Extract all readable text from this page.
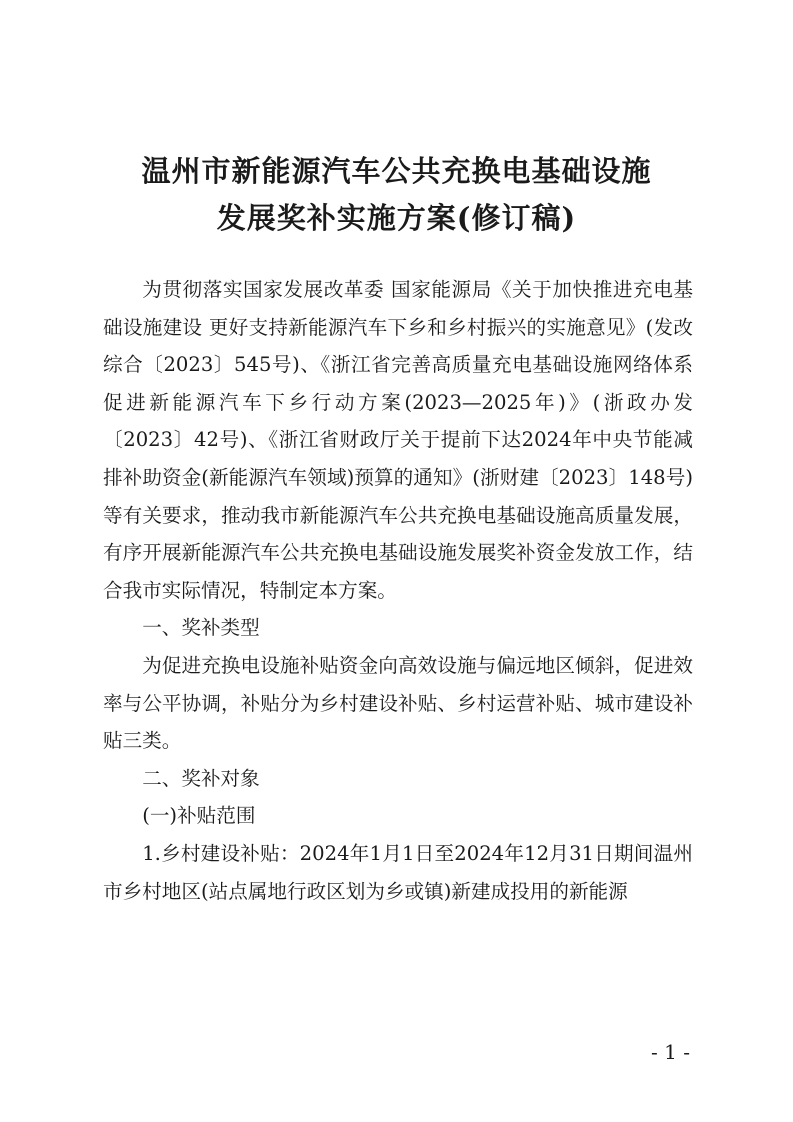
温州市新能源汽车公共充换电基础设施
发展奖补实施方案(修订稿)

为贯彻落实国家发展改革委 国家能源局《关于加快推进充电基础设施建设 更好支持新能源汽车下乡和乡村振兴的实施意见》(发改综合〔2023〕545号)、《浙江省完善高质量充电基础设施网络体系促进新能源汽车下乡行动方案(2023—2025年)》(浙政办发〔2023〕42号)、《浙江省财政厅关于提前下达2024年中央节能减排补助资金(新能源汽车领域)预算的通知》(浙财建〔2023〕148号)等有关要求，推动我市新能源汽车公共充换电基础设施高质量发展，有序开展新能源汽车公共充换电基础设施发展奖补资金发放工作，结合我市实际情况，特制定本方案。

一、奖补类型

为促进充换电设施补贴资金向高效设施与偏远地区倾斜，促进效率与公平协调，补贴分为乡村建设补贴、乡村运营补贴、城市建设补贴三类。

二、奖补对象

(一)补贴范围

1.乡村建设补贴：2024年1月1日至2024年12月31日期间温州市乡村地区(站点属地行政区划为乡或镇)新建成投用的新能源

- 1 -
